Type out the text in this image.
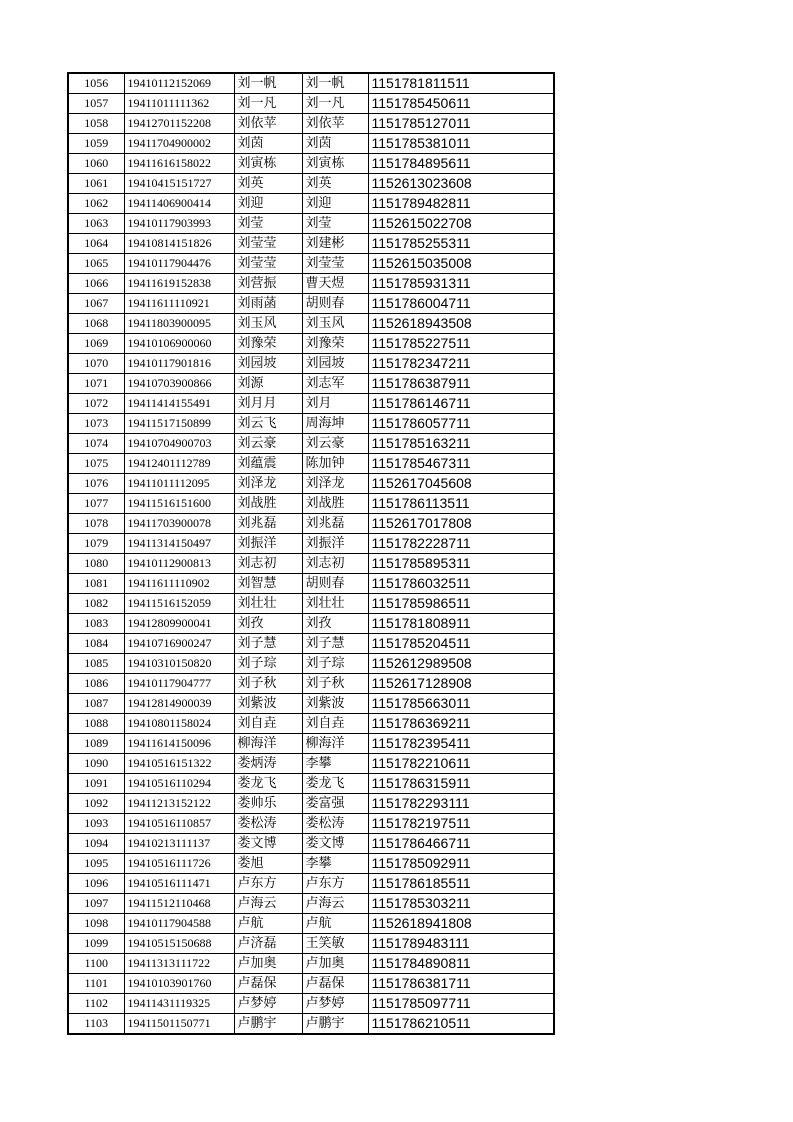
1056	19410112152069	刘一帆	刘一帆	1151781811511
1057	19411011111362	刘一凡	刘一凡	1151785450611
1058	19412701152208	刘依苹	刘依苹	1151785127011
1059	19411704900002	刘茵	刘茵	1151785381011
1060	19411616158022	刘寅栋	刘寅栋	1151784895611
1061	19410415151727	刘英	刘英	1152613023608
1062	19411406900414	刘迎	刘迎	1151789482811
1063	19410117903993	刘莹	刘莹	1152615022708
1064	19410814151826	刘莹莹	刘建彬	1151785255311
1065	19410117904476	刘莹莹	刘莹莹	1152615035008
1066	19411619152838	刘营振	曹天煜	1151785931311
1067	19411611110921	刘雨菡	胡则春	1151786004711
1068	19411803900095	刘玉风	刘玉风	1152618943508
1069	19410106900060	刘豫荣	刘豫荣	1151785227511
1070	19410117901816	刘园坡	刘园坡	1151782347211
1071	19410703900866	刘源	刘志军	1151786387911
1072	19411414155491	刘月月	刘月	1151786146711
1073	19411517150899	刘云飞	周海坤	1151786057711
1074	19410704900703	刘云豪	刘云豪	1151785163211
1075	19412401112789	刘蕴震	陈加钟	1151785467311
1076	19411011112095	刘泽龙	刘泽龙	1152617045608
1077	19411516151600	刘战胜	刘战胜	1151786113511
1078	19411703900078	刘兆磊	刘兆磊	1152617017808
1079	19411314150497	刘振洋	刘振洋	1151782228711
1080	19410112900813	刘志初	刘志初	1151785895311
1081	19411611110902	刘智慧	胡则春	1151786032511
1082	19411516152059	刘壮壮	刘壮壮	1151785986511
1083	19412809900041	刘孜	刘孜	1151781808911
1084	19410716900247	刘子慧	刘子慧	1151785204511
1085	19410310150820	刘子琮	刘子琮	1152612989508
1086	19410117904777	刘子秋	刘子秋	1152617128908
1087	19412814900039	刘紫波	刘紫波	1151785663011
1088	19410801158024	刘自垚	刘自垚	1151786369211
1089	19411614150096	柳海洋	柳海洋	1151782395411
1090	19410516151322	娄炳涛	李攀	1151782210611
1091	19410516110294	娄龙飞	娄龙飞	1151786315911
1092	19411213152122	娄帅乐	娄富强	1151782293111
1093	19410516110857	娄松涛	娄松涛	1151782197511
1094	19410213111137	娄文博	娄文博	1151786466711
1095	19410516111726	娄旭	李攀	1151785092911
1096	19410516111471	卢东方	卢东方	1151786185511
1097	19411512110468	卢海云	卢海云	1151785303211
1098	19410117904588	卢航	卢航	1152618941808
1099	19410515150688	卢济磊	王笑敏	1151789483111
1100	19411313111722	卢加奥	卢加奥	1151784890811
1101	19410103901760	卢磊保	卢磊保	1151786381711
1102	19411431119325	卢梦婷	卢梦婷	1151785097711
1103	19411501150771	卢鹏宇	卢鹏宇	1151786210511
